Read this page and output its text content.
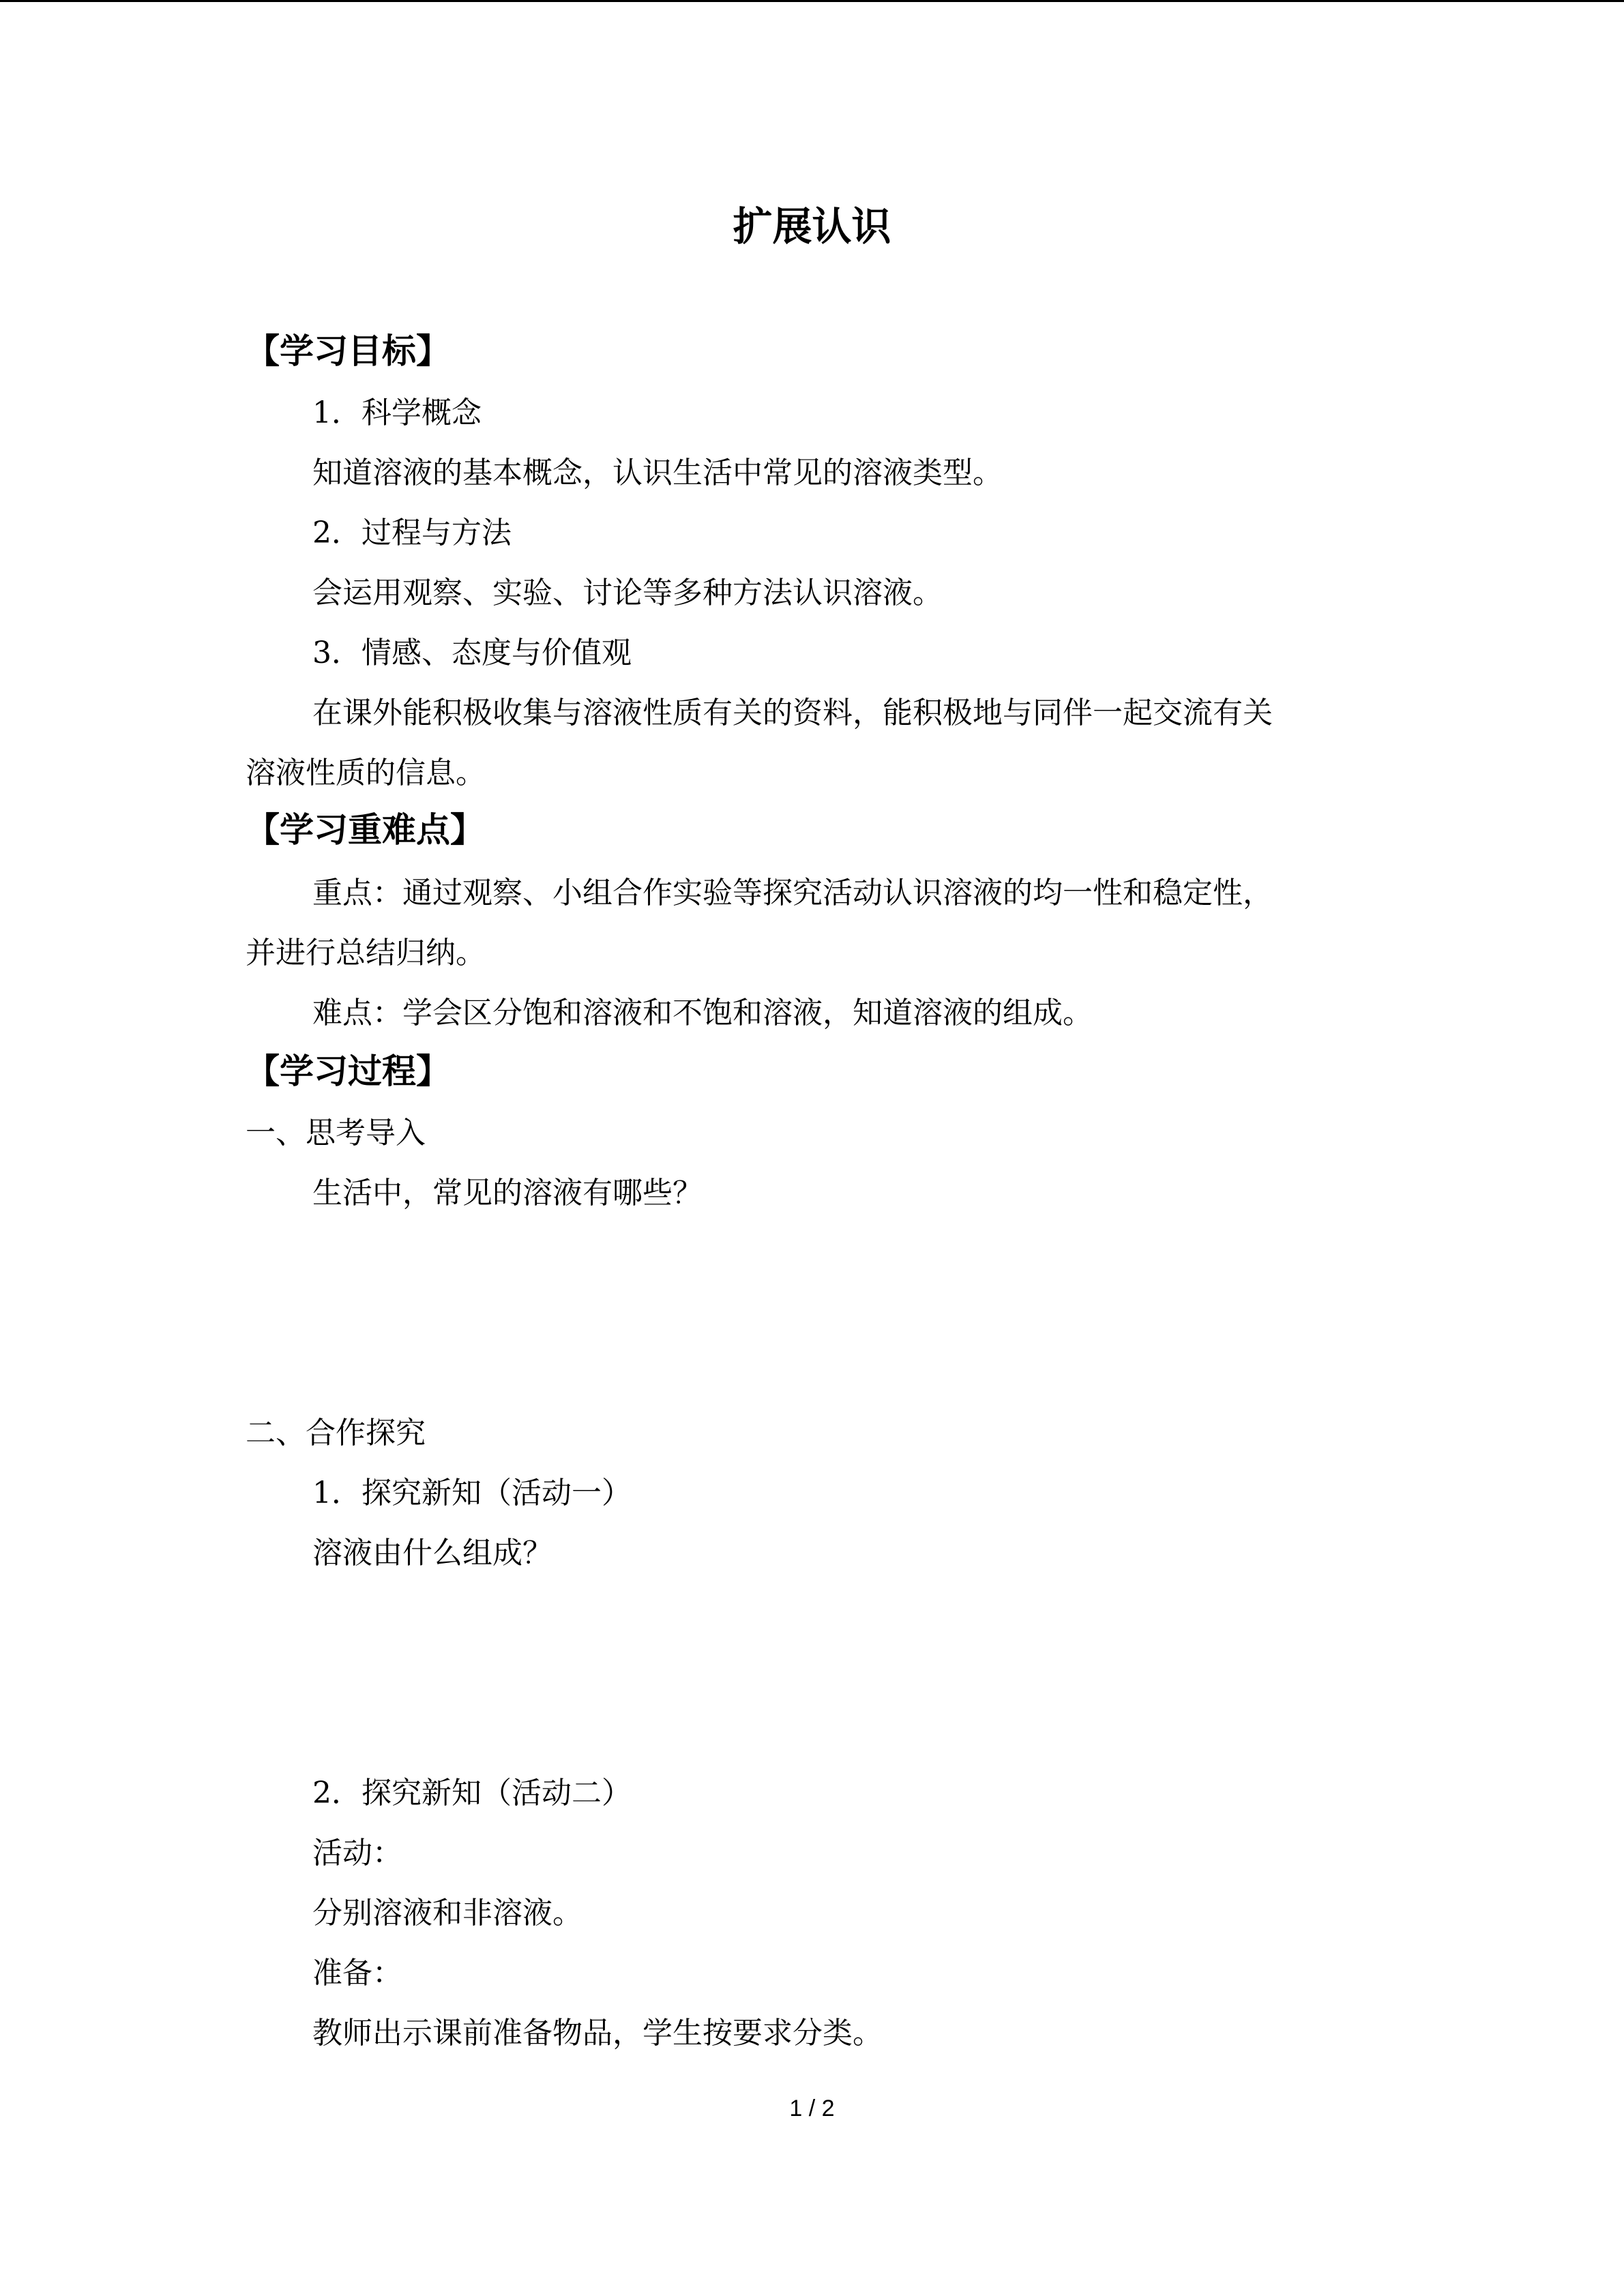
扩展认识
【学习目标】
1．科学概念
知道溶液的基本概念，认识生活中常见的溶液类型。
2．过程与方法
会运用观察、实验、讨论等多种方法认识溶液。
3．情感、态度与价值观
在课外能积极收集与溶液性质有关的资料，能积极地与同伴一起交流有关
溶液性质的信息。
【学习重难点】
重点：通过观察、小组合作实验等探究活动认识溶液的均一性和稳定性，
并进行总结归纳。
难点：学会区分饱和溶液和不饱和溶液，知道溶液的组成。
【学习过程】
一、思考导入
生活中，常见的溶液有哪些？
二、合作探究
1．探究新知（活动一）
溶液由什么组成？
2．探究新知（活动二）
活动：
分别溶液和非溶液。
准备：
教师出示课前准备物品，学生按要求分类。
1 / 2
